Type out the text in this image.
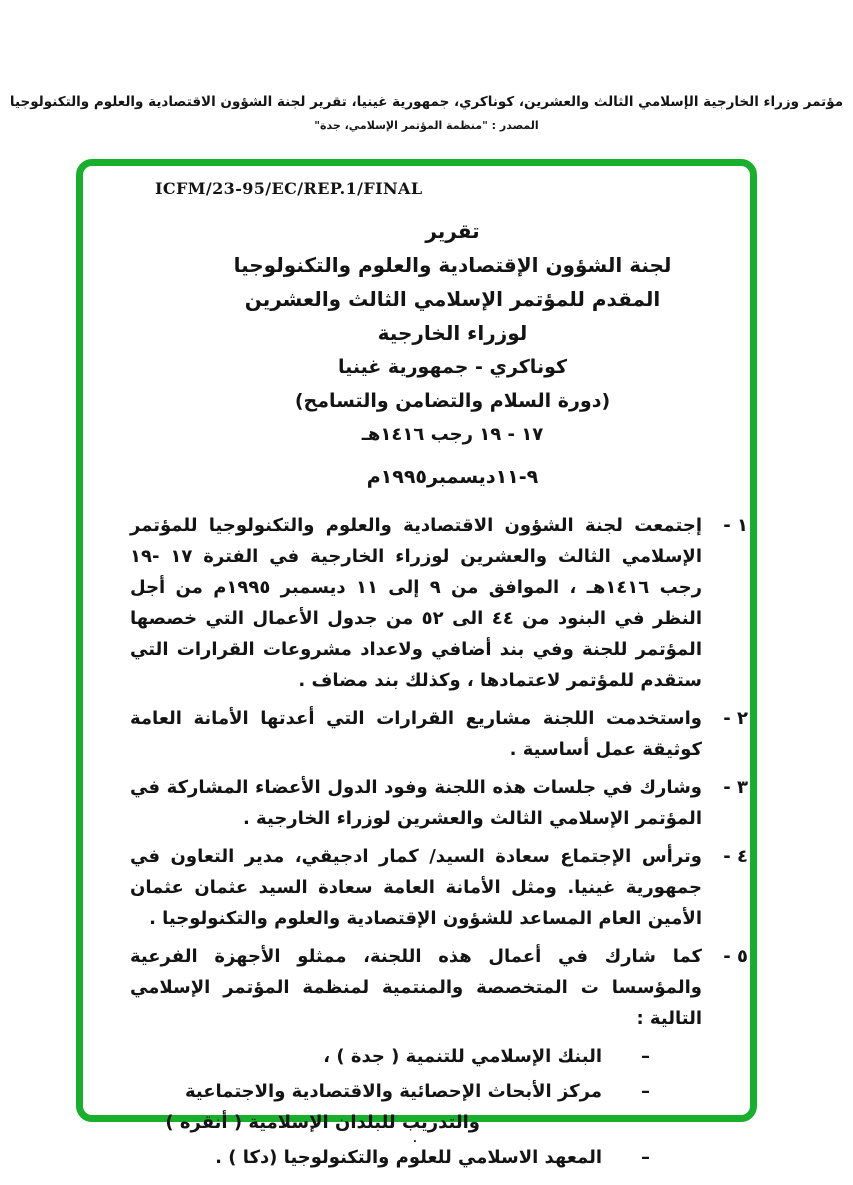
مؤتمر وزراء الخارجية الإسلامي الثالث والعشرين، كوناكري، جمهورية غينيا، تقرير لجنة الشؤون الاقتصادية والعلوم والتكنولوجيا
المصدر : "منظمة المؤتمر الإسلامي، جدة"
ICFM/23-95/EC/REP.1/FINAL
تقرير
لجنة الشؤون الإقتصادية والعلوم والتكنولوجيا
المقدم للمؤتمر الإسلامي الثالث والعشرين
لوزراء الخارجية
كوناكري - جمهورية غينيا
(دورة السلام والتضامن والتسامح)
١٧ - ١٩ رجب ١٤١٦هـ
٩-١١ديسمبر١٩٩٥م
١ -
إجتمعت لجنة الشؤون الاقتصادية والعلوم والتكنولوجيا للمؤتمر الإسلامي الثالث والعشرين لوزراء الخارجية في الفترة ١٧ -١٩ رجب ١٤١٦هـ ، الموافق من ٩ إلى ١١ ديسمبر ١٩٩٥م من أجل النظر في البنود من ٤٤ الى ٥٢ من جدول الأعمال التي خصصها المؤتمر للجنة وفي بند أضافي ولاعداد مشروعات القرارات التي ستقدم للمؤتمر لاعتمادها ، وكذلك بند مضاف .
٢ -
واستخدمت اللجنة مشاريع القرارات التي أعدتها الأمانة العامة كوثيقة عمل أساسية .
٣ -
وشارك في جلسات هذه اللجنة وفود الدول الأعضاء المشاركة في المؤتمر الإسلامي الثالث والعشرين لوزراء الخارجية .
٤ -
وترأس الإجتماع سعادة السيد/ كمار ادجيقي، مدير التعاون في جمهورية غينيا. ومثل الأمانة العامة سعادة السيد عثمان عثمان الأمين العام المساعد للشؤون الإقتصادية والعلوم والتكنولوجيا .
٥ -
كما شارك في أعمال هذه اللجنة، ممثلو الأجهزة الفرعية والمؤسسا ت المتخصصة والمنتمية لمنظمة المؤتمر الإسلامي التالية :
–
البنك الإسلامي للتنمية ( جدة ) ،
–
مركز الأبحاث الإحصائية والاقتصادية والاجتماعية والتدريب للبلدان الإسلامية ( أنقره )
–
المعهد الاسلامي للعلوم والتكنولوجيا (دكا ) .
.
